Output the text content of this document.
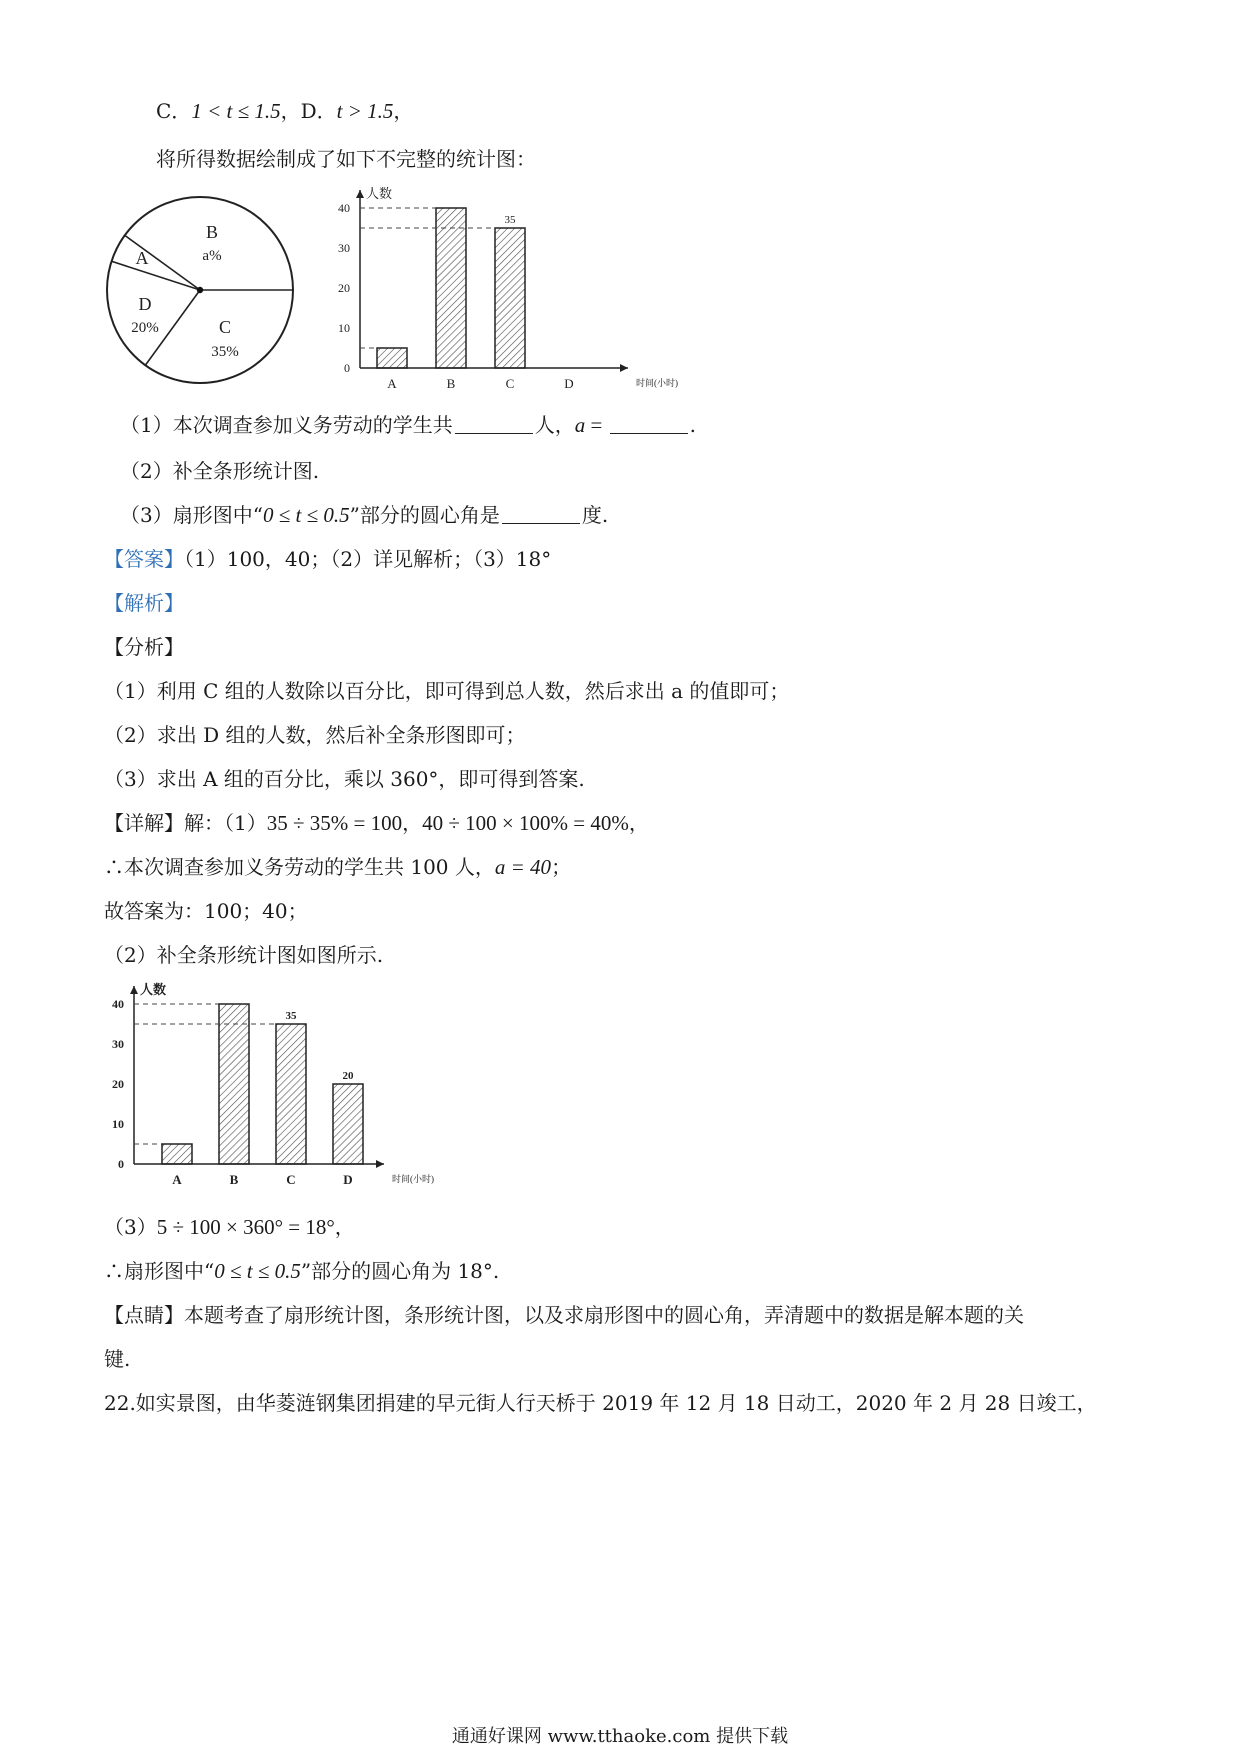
C．1 < t ≤ 1.5，D．t > 1.5，
将所得数据绘制成了如下不完整的统计图：
B
a%
A
D
20%	C
35%
人数
时间(小时)
0
10
20
30
40
A	B
35
C	D
（1）本次调查参加义务劳动的学生共	人，a =	.
（2）补全条形统计图.
（3）扇形图中“0 ≤ t ≤ 0.5”部分的圆心角是	度.
【答案】（1）100，40；（2）详见解析；（3）18°
【解析】
【分析】
（1）利用 C 组的人数除以百分比，即可得到总人数，然后求出 a 的值即可；
（2）求出 D 组的人数，然后补全条形图即可；
（3）求出 A 组的百分比，乘以 360°，即可得到答案.
【详解】解：（1）35 ÷ 35% = 100，40 ÷ 100 × 100% = 40%，
∴本次调查参加义务劳动的学生共 100 人，a = 40；
故答案为：100；40；
（2）补全条形统计图如图所示.
人数
时间(小时)
0
10
20
30
40
A	B
35
C
20
D
（3）5 ÷ 100 × 360° = 18°，
∴扇形图中“0 ≤ t ≤ 0.5”部分的圆心角为 18°.
【点睛】本题考查了扇形统计图，条形统计图，以及求扇形图中的圆心角，弄清题中的数据是解本题的关
键.
22.如实景图，由华菱涟钢集团捐建的早元街人行天桥于 2019 年 12 月 18 日动工，2020 年 2 月 28 日竣工，
通通好课网 www.tthaoke.com 提供下载
